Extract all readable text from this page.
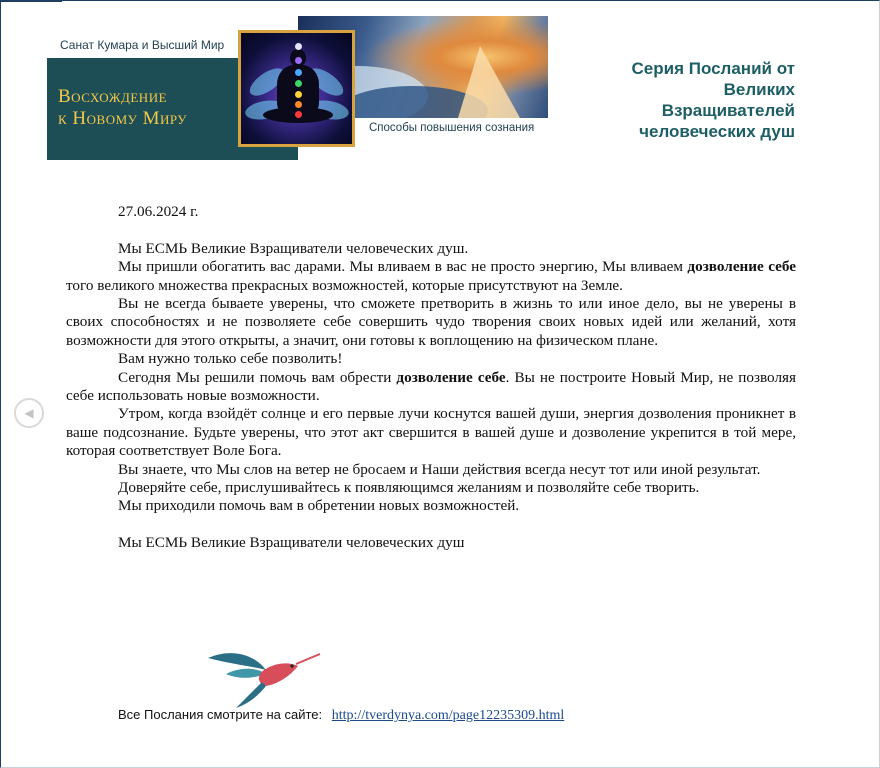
Санат Кумара и Высший Мир
Восхождение
к Новому Миру	Способы повышения сознания
Серия Посланий от Великих Взращивателей человеческих душ
◀

27.06.2024 г.

Мы ЕСМЬ Великие Взращиватели человеческих душ.

Мы пришли обогатить вас дарами. Мы вливаем в вас не просто энергию, Мы вливаем дозволение себе того великого множества прекрасных возможностей, которые присутствуют на Земле.

Вы не всегда бываете уверены, что сможете претворить в жизнь то или иное дело, вы не уверены в своих способностях и не позволяете себе совершить чудо творения своих новых идей или желаний, хотя возможности для этого открыты, а значит, они готовы к воплощению на физическом плане.

Вам нужно только себе позволить!

Сегодня Мы решили помочь вам обрести дозволение себе. Вы не построите Новый Мир, не позволяя себе использовать новые возможности.

Утром, когда взойдёт солнце и его первые лучи коснутся вашей души, энергия дозволения проникнет в ваше подсознание. Будьте уверены, что этот акт свершится в вашей душе и дозволение укрепится в той мере, которая соответствует Воле Бога.

Вы знаете, что Мы слов на ветер не бросаем и Наши действия всегда несут тот или иной результат.

Доверяйте себе, прислушивайтесь к появляющимся желаниям и позволяйте себе творить.

Мы приходили помочь вам в обретении новых возможностей.

Мы ЕСМЬ Великие Взращиватели человеческих душ

Все Послания смотрите на сайте: http://tverdynya.com/page12235309.html
